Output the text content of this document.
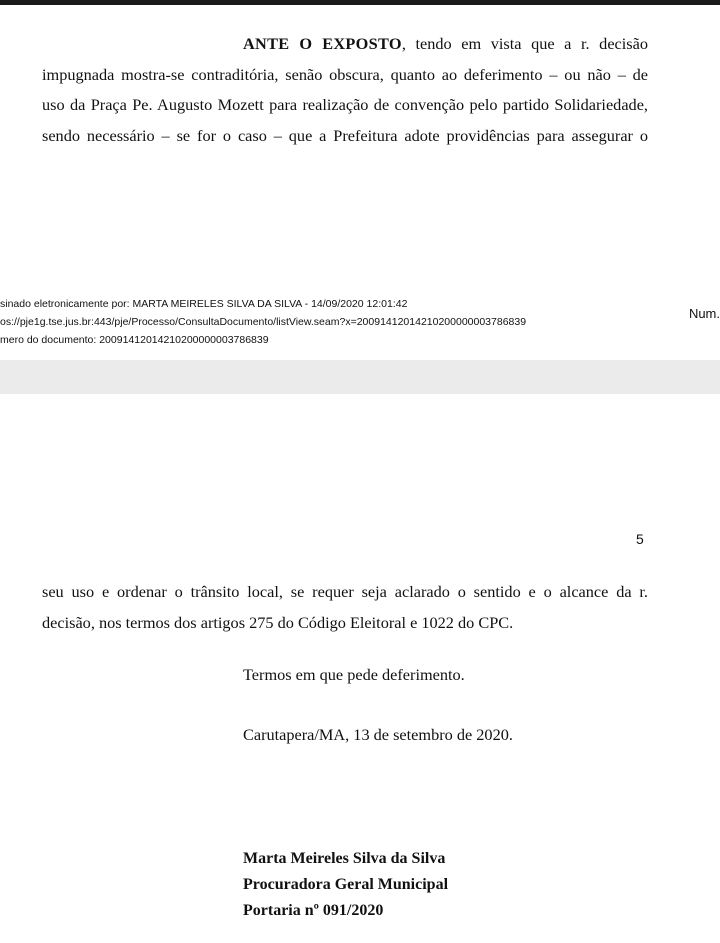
ANTE O EXPOSTO, tendo em vista que a r. decisão
impugnada mostra-se contraditória, senão obscura, quanto ao deferimento – ou não – de
uso da Praça Pe. Augusto Mozett para realização de convenção pelo partido Solidariedade,
sendo necessário – se for o caso – que a Prefeitura adote providências para assegurar o
sinado eletronicamente por: MARTA MEIRELES SILVA DA SILVA - 14/09/2020 12:01:42
os://pje1g.tse.jus.br:443/pje/Processo/ConsultaDocumento/listView.seam?x=20091412014210200000003786839
mero do documento: 20091412014210200000003786839
Num.
5
seu uso e ordenar o trânsito local, se requer seja aclarado o sentido e o alcance da r.
decisão, nos termos dos artigos 275 do Código Eleitoral e 1022 do CPC.
Termos em que pede deferimento.
Carutapera/MA, 13 de setembro de 2020.
Marta Meireles Silva da Silva
Procuradora Geral Municipal
Portaria nº 091/2020
